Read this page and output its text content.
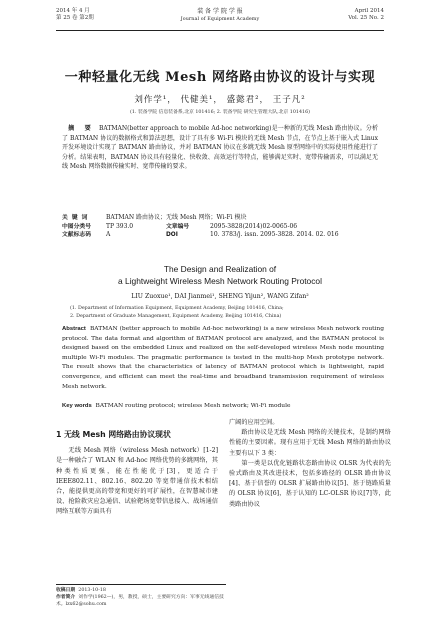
2014 年 4 月
第 25 卷 第2期
装 备 学 院 学 报
Journal of Equipment Academy
April 2014
Vol. 25 No. 2
一种轻量化无线 Mesh 网络路由协议的设计与实现
刘作学¹， 代健美¹， 盛懿君²， 王子凡²
(1. 装备学院 信息装备系,北京 101416; 2. 装备学院 研究生管理大队,北京 101416)
摘 要 BATMAN(better approach to mobile Ad-hoc networking)是一种新的无线 Mesh 路由协议。分析了 BATMAN 协议的数据格式和算法思想，设计了具有多 Wi-Fi 模块的无线 Mesh 节点，在节点上基于嵌入式 Linux 开发环境设计实现了 BATMAN 路由协议，并对 BATMAN 协议在多跳无线 Mesh 原型网络中的实际使用性能进行了分析。结果表明，BATMAN 协议具有轻量化、快收敛、高效运行等特点，能够满足实时、宽带传输需求，可以满足无线 Mesh 网络数据传输实时、宽带传输的要求。
关 键 词	BATMAN 路由协议；无线 Mesh 网络；Wi-Fi 模块
中图分类号	TP 393.0	文章编号	2095-3828(2014)02-0065-06
文献标志码	A	DOI	10. 3783/j. issn. 2095-3828. 2014. 02. 016
The Design and Realization of
a Lightweight Wireless Mesh Network Routing Protocol
LIU Zuoxue¹, DAI Jianmei¹, SHENG Yijun², WANG Zifan²
(1. Department of Information Equipment, Equipment Academy, Beijing 101416, China;
2. Department of Graduate Management, Equipment Academy, Beijing 101416, China)
Abstract BATMAN (better approach to mobile Ad-hoc networking) is a new wireless Mesh network routing protocol. The data format and algorithm of BATMAN protocol are analyzed, and the BATMAN protocol is designed based on the embedded Linux and realized on the self-developed wireless Mesh node mounting multiple Wi-Fi modules. The pragmatic performance is tested in the multi-hop Mesh prototype network. The result shows that the characteristics of latency of BATMAN protocol which is lightweight, rapid convergence, and efficient can meet the real-time and broadband transmission requirement of wireless Mesh network.
Key words BATMAN routing protocol; wireless Mesh network; Wi-Fi module
1 无线 Mesh 网络路由协议现状

无线 Mesh 网络（wireless Mesh network）[1-2]是一种融合了 WLAN 和 Ad-hoc 网络优势的多跳网络，其种类性质更强，能在性能优于[3]，更适合于 IEEE802.11、802.16、802.20 等宽带通信技术相结合，能提供更高的带宽和更好的可扩展性，在智慧城市建设、抢险救灾应急通信、试验靶场宽带信息接入、战场通信网络互联等方面具有

广阔的应用空间。

路由协议是无线 Mesh 网络的关键技术，是制约网络性能的主要因素。现有应用于无线 Mesh 网络的路由协议主要有以下 3 类：

第一类是以优化链路状态路由协议 OLSR 为代表的先验式路由及其改进技术，包括多路径的 OLSR 路由协议[4]、基于信誉的 OLSR 扩展路由协议[5]、基于链路质量的 OLSR 协议[6]，基于认知的 LC-OLSR 协议[7]等，此类路由协议

收稿日期 2013-10-18
作者简介 刘作学(1962—)，男，教授，硕士，主要研究方向：军事无线通信技术。lzx62@sohu.com
